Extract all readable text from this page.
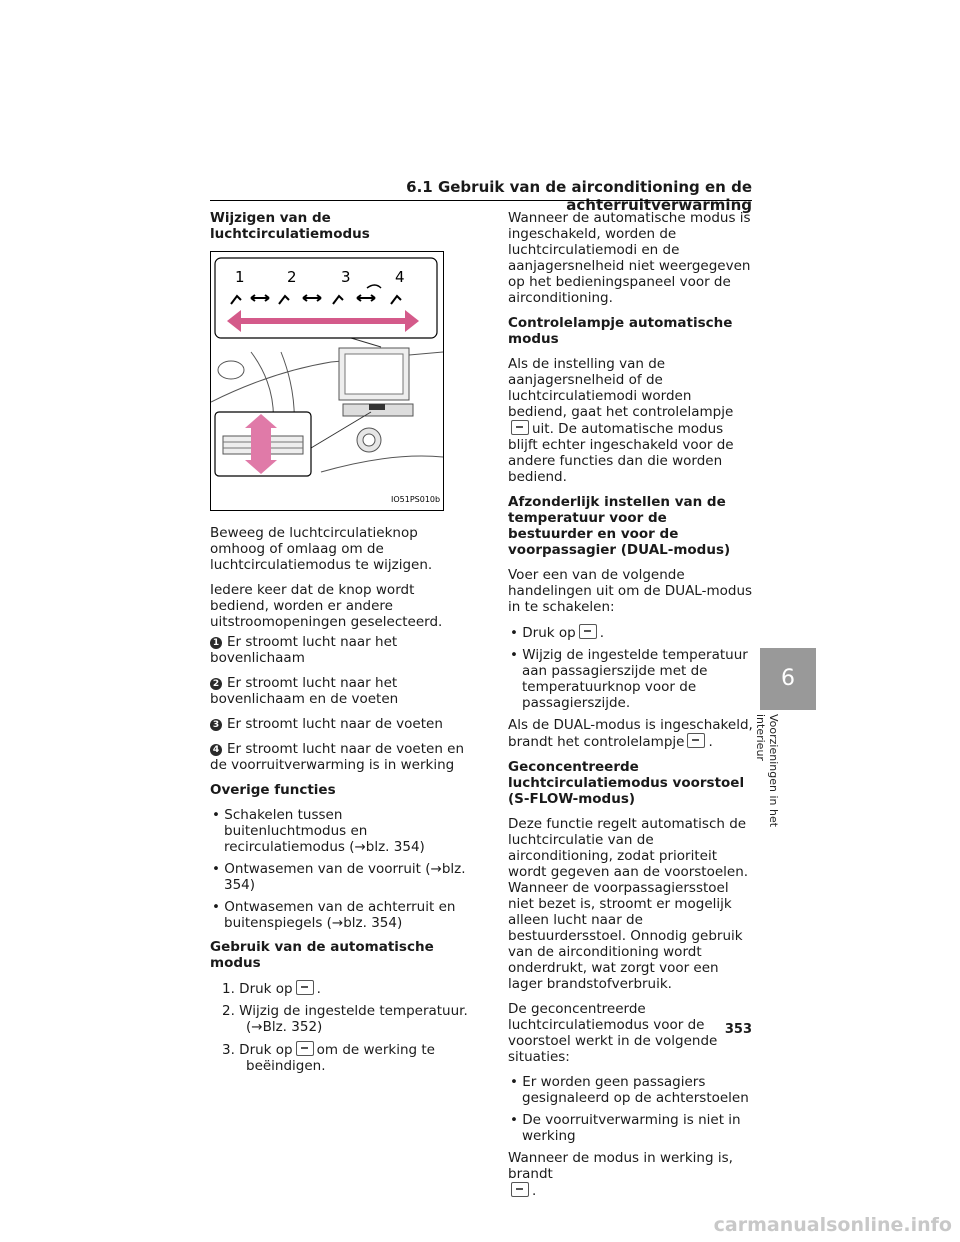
6.1 Gebruik van de airconditioning en de achterruitverwarming

Wijzigen van de luchtcirculatiemodus

1	2	3	4
IO51PS010b

Beweeg de luchtcirculatieknop omhoog of omlaag om de luchtcirculatiemodus te wijzigen.

Iedere keer dat de knop wordt bediend, worden er andere uitstroomopeningen geselecteerd.

1 Er stroomt lucht naar het bovenlichaam

2 Er stroomt lucht naar het bovenlichaam en de voeten

3 Er stroomt lucht naar de voeten

4 Er stroomt lucht naar de voeten en de voorruitverwarming is in werking

Overige functies

• Schakelen tussen buitenluchtmodus en recirculatiemodus (→blz. 354)

• Ontwasemen van de voorruit (→blz. 354)

• Ontwasemen van de achterruit en buitenspiegels (→blz. 354)

Gebruik van de automatische modus

1. Druk op .

2. Wijzig de ingestelde temperatuur. (→Blz. 352)

3. Druk op om de werking te beëindigen.

Wanneer de automatische modus is ingeschakeld, worden de luchtcirculatiemodi en de aanjagersnelheid niet weergegeven op het bedieningspaneel voor de airconditioning.

Controlelampje automatische modus

Als de instelling van de aanjagersnelheid of de luchtcirculatiemodi worden bediend, gaat het controlelampjeuit. De automatische modus blijft echter ingeschakeld voor de andere functies dan die worden bediend.

Afzonderlijk instellen van de temperatuur voor de bestuurder en voor de voorpassagier (DUAL-modus)

Voer een van de volgende handelingen uit om de DUAL-modus in te schakelen:

• Druk op .

• Wijzig de ingestelde temperatuur aan passagierszijde met de temperatuurknop voor de passagierszijde.

Als de DUAL-modus is ingeschakeld, brandt het controlelampje .

Geconcentreerde luchtcirculatiemodus voorstoel (S-FLOW-modus)

Deze functie regelt automatisch de luchtcirculatie van de airconditioning, zodat prioriteit wordt gegeven aan de voorstoelen. Wanneer de voorpassagiersstoel niet bezet is, stroomt er mogelijk alleen lucht naar de bestuurdersstoel. Onnodig gebruik van de airconditioning wordt onderdrukt, wat zorgt voor een lager brandstofverbruik.

De geconcentreerde luchtcirculatiemodus voor de voorstoel werkt in de volgende situaties:

• Er worden geen passagiers gesignaleerd op de achterstoelen

• De voorruitverwarming is niet in werking

Wanneer de modus in werking is, brandt
.

6
Voorzieningen in het interieur
353
carmanualsonline.info
